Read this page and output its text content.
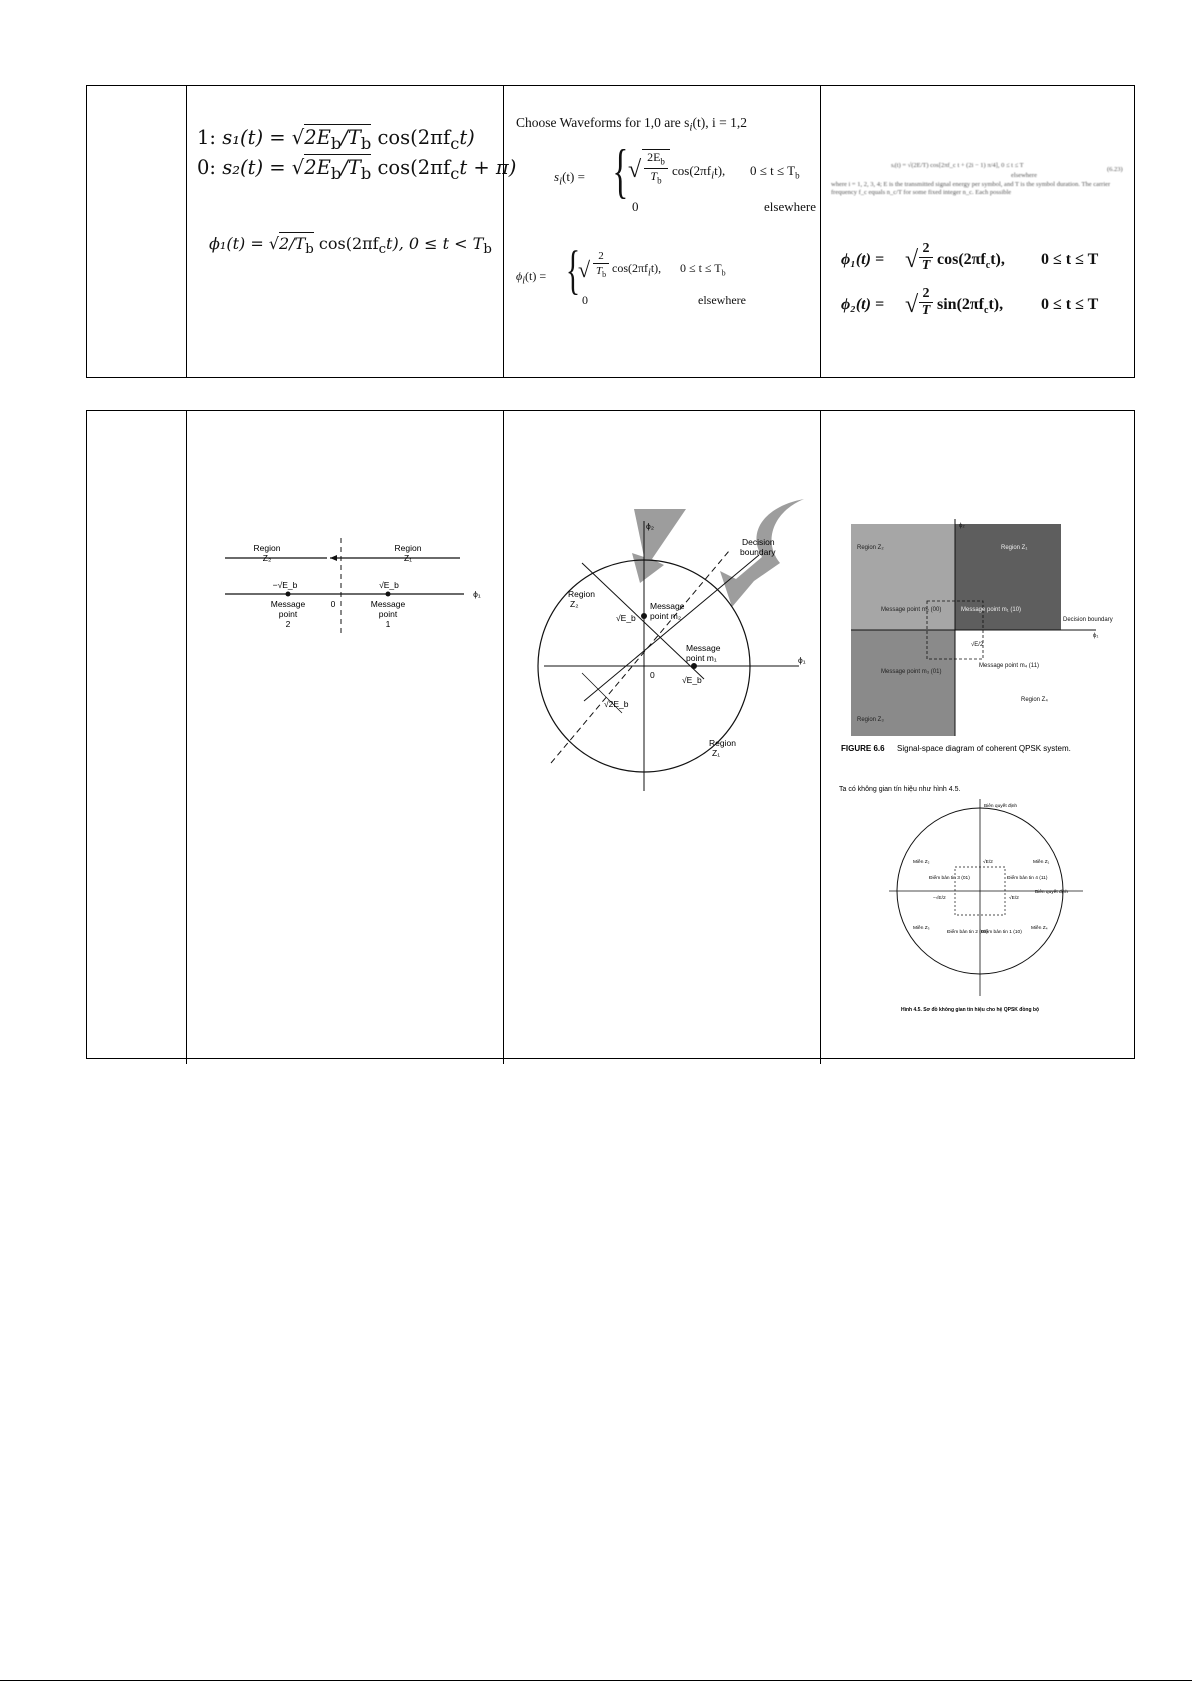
1: $s_1(t) = √2E_b/T_b$ $\cos(2\pi f_ct)$
0: $s_2(t) = √2E_b/T_b$ $\cos(2\pi f_ct + \pi)$
$\phi_1(t) = √2/T_b$ $\cos(2\pi f_ct)$, $0 \le t < T_b$
Choose Waveforms for 1,0 are $s_i(t)$, i = 1,2
$s_i(t)$ = { √ $2E_b$
$T_b$
$\cos(2\pi f_it)$, $0 \le t \le T_b$
0	elsewhere
$\phi_i(t)$ = {
√
2
$T_b$ $\cos(2\pi f_it)$, $0 \le t \le T_b$
0	elsewhere
sᵢ(t) = √(2E/T) cos[2πf_c t + (2i − 1) π/4], 0 ≤ t ≤ T
elsewhere
(6.23)
where i = 1, 2, 3, 4; E is the transmitted signal energy per symbol, and T is the symbol duration. The carrier frequency f_c equals n_c/T for some fixed integer n_c. Each possible
ϕ₁(t) = √ 2
T $\cos(2\pi f_ct)$, 0 ≤ t ≤ T
ϕ₂(t) = √ 2
T $\sin(2\pi f_ct)$, 0 ≤ t ≤ T
Region
Z₂
Region
Z₁
−√E_b	√E_b
0
ϕ₁
Message
point
2
Message
point
1
ϕ₂
ϕ₁
Decision
boundary
Region
Z₂
Region
Z₁
Message
point m₂
Message
point m₁
√E_b
√E_b
√2E_b
0
ϕ₂
ϕ₁
Decision boundary
√E/2
Message point m₄ (11)
Region Z₄
Region Z₂	Region Z₁
Region Z₃
Message point m₂ (00)	Message point m₁ (10)
Message point m₃ (01)
FIGURE 6.6 Signal-space diagram of coherent QPSK system.
Ta có không gian tín hiệu như hình 4.5.
Biên quyết định
Biên quyết định
Miền Z₂	Miền Z₁
Miền Z₃	Miền Z₄
Điểm bản tin 3 (01)	Điểm bản tin 4 (11)
Điểm bản tin 2 (00)
Điểm bản tin 1 (10)
√E/2
√E/2
−√E/2
Hình 4.5. Sơ đồ không gian tín hiệu cho hệ QPSK đồng bộ
